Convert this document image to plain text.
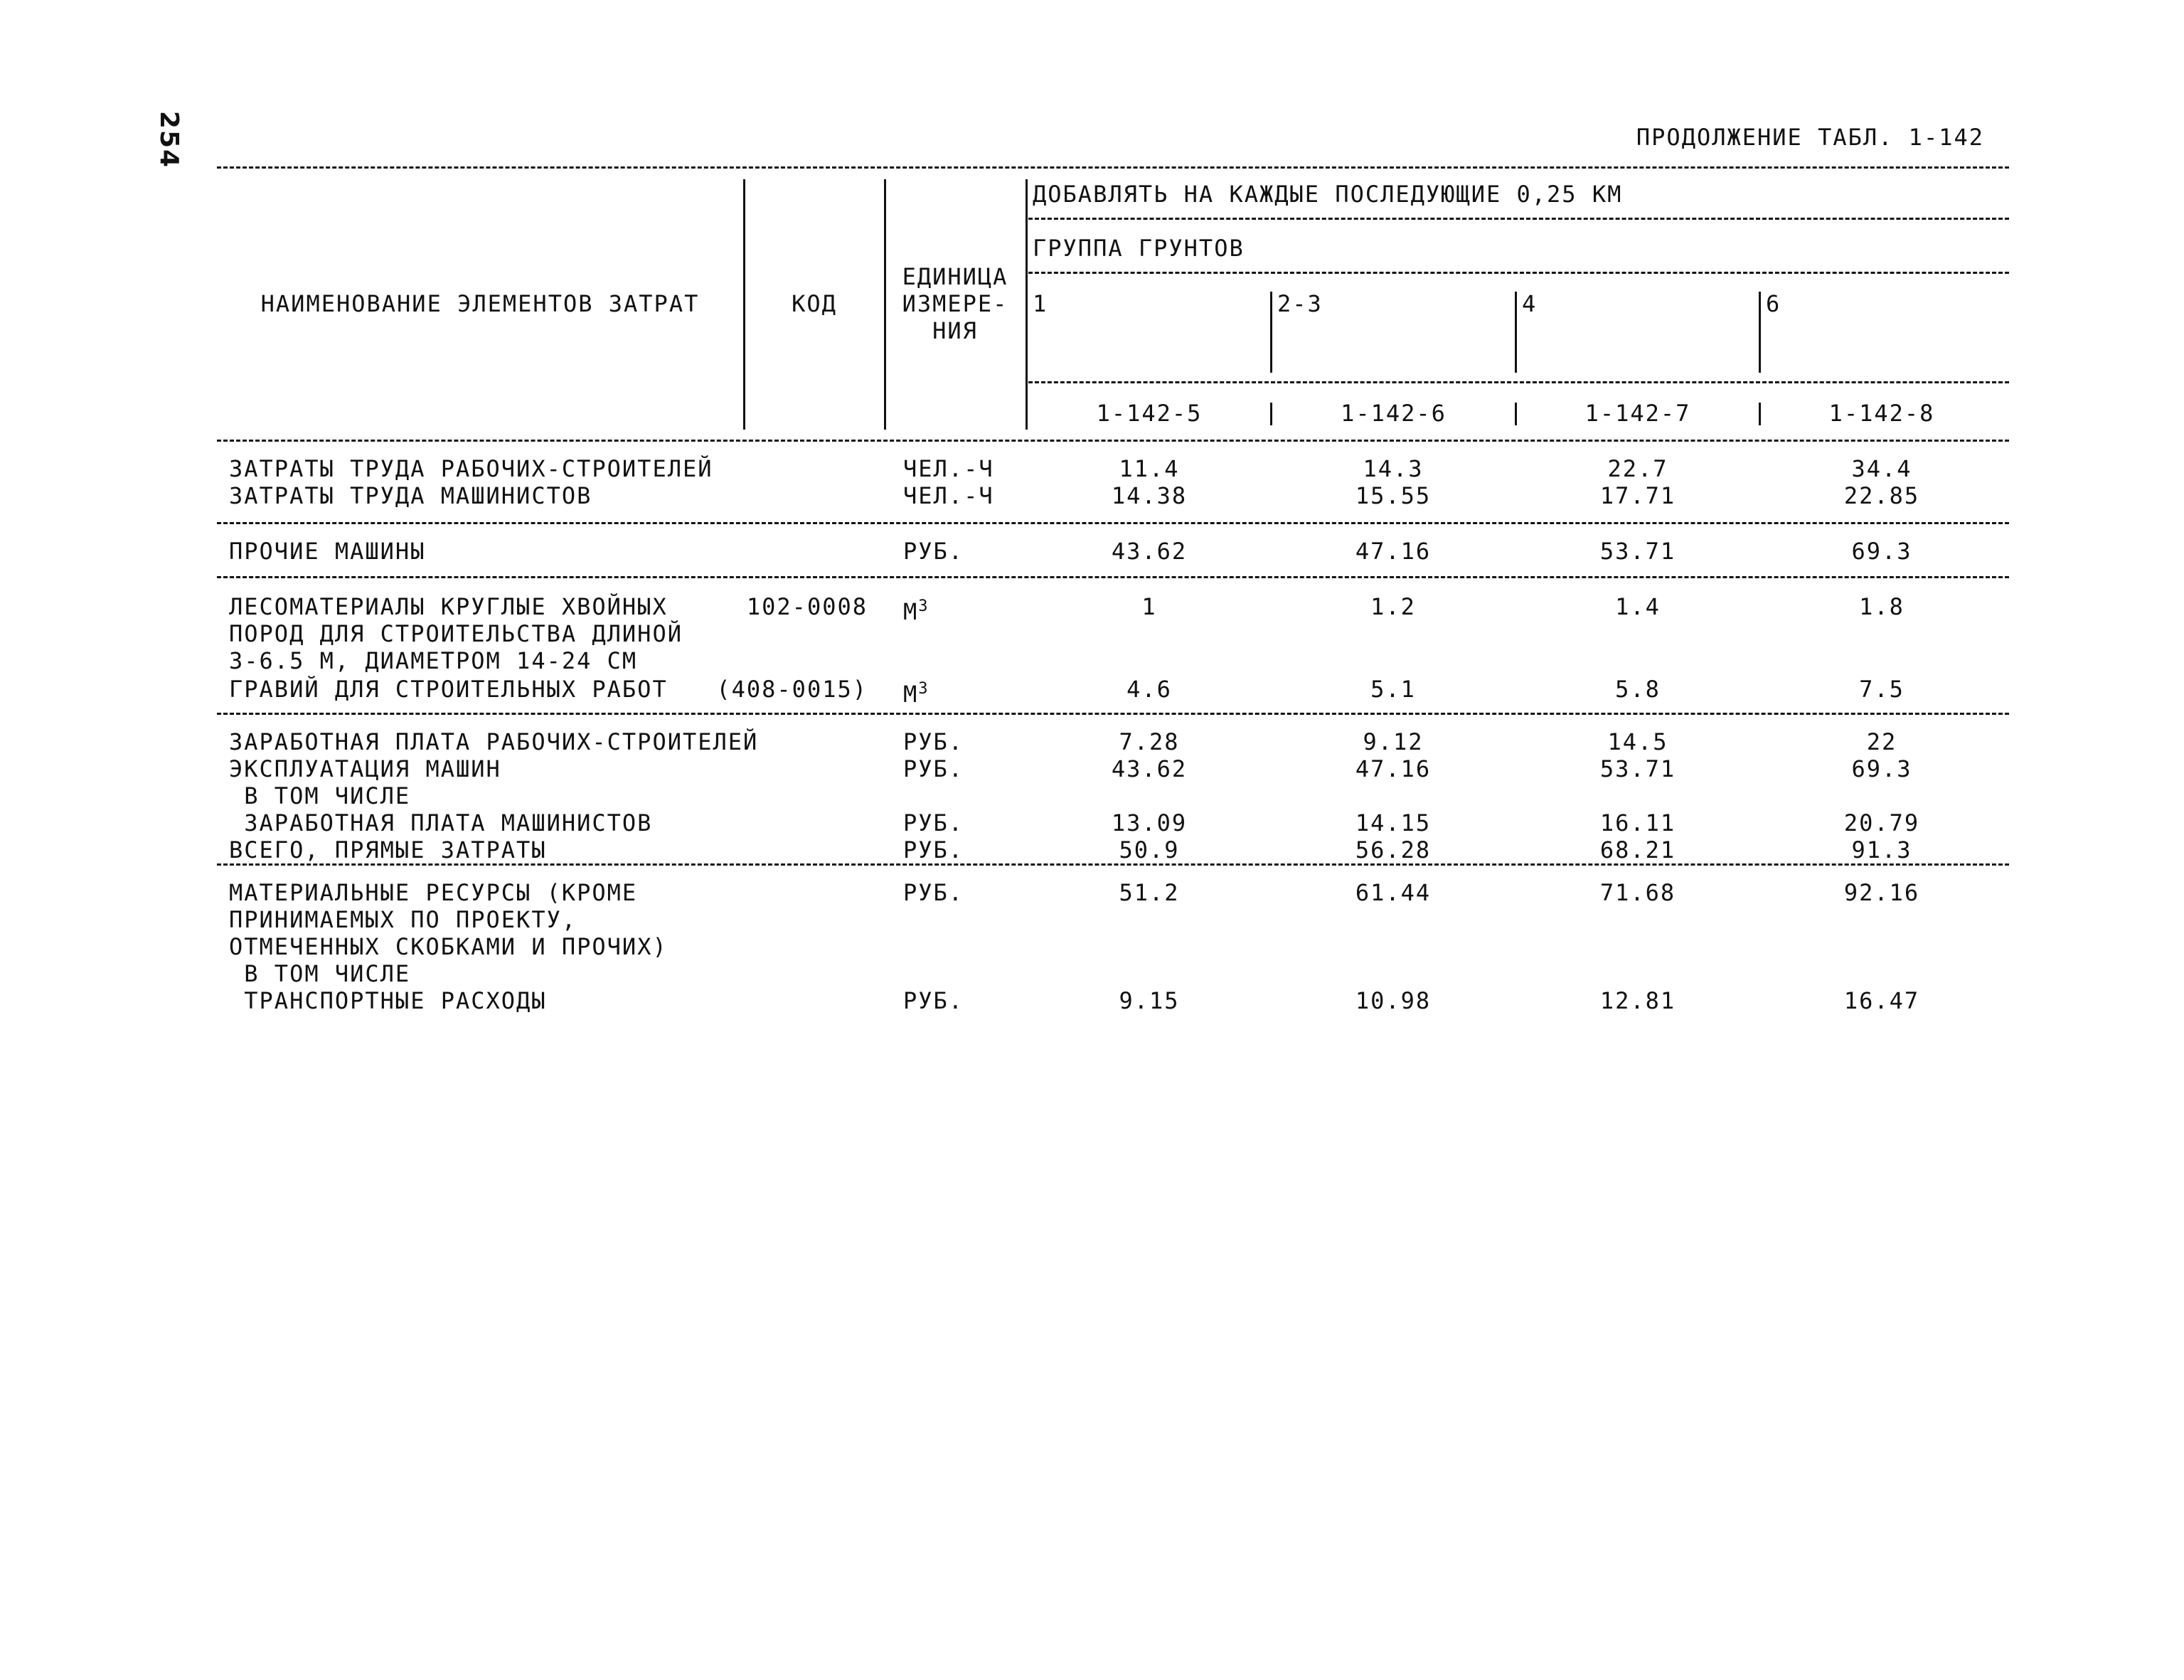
254	ПРОДОЛЖЕНИЕ ТАБЛ. 1-142
НАИМЕНОВАНИЕ ЭЛЕМЕНТОВ ЗАТРАТ	КОД
ЕДИНИЦА
ИЗМЕРЕ-
НИЯ
ДОБАВЛЯТЬ НА КАЖДЫЕ ПОСЛЕДУЮЩИЕ 0,25 КМ
ГРУППА ГРУНТОВ
1	2-3	4	6
1-142-5	1-142-6	1-142-7	1-142-8
ЗАТРАТЫ ТРУДА РАБОЧИХ-СТРОИТЕЛЕЙ	ЧЕЛ.-Ч	11.4	14.3	22.7	34.4
ЗАТРАТЫ ТРУДА МАШИНИСТОВ	ЧЕЛ.-Ч	14.38	15.55	17.71	22.85
ПРОЧИЕ МАШИНЫ	РУБ.	43.62	47.16	53.71	69.3
ЛЕСОМАТЕРИАЛЫ КРУГЛЫЕ ХВОЙНЫХ	102-0008 $М^3$	1	1.2	1.4	1.8
ПОРОД ДЛЯ СТРОИТЕЛЬСТВА ДЛИНОЙ
3-6.5 М, ДИАМЕТРОМ 14-24 СМ
ГРАВИЙ ДЛЯ СТРОИТЕЛЬНЫХ РАБОТ (408-0015) $М^3$	4.6	5.1	5.8	7.5
ЗАРАБОТНАЯ ПЛАТА РАБОЧИХ-СТРОИТЕЛЕЙ	РУБ.	7.28	9.12	14.5	22
ЭКСПЛУАТАЦИЯ МАШИН	РУБ.	43.62	47.16	53.71	69.3
В ТОМ ЧИСЛЕ
ЗАРАБОТНАЯ ПЛАТА МАШИНИСТОВ	РУБ.	13.09	14.15	16.11	20.79
ВСЕГО, ПРЯМЫЕ ЗАТРАТЫ	РУБ.	50.9	56.28	68.21	91.3
МАТЕРИАЛЬНЫЕ РЕСУРСЫ (КРОМЕ	РУБ.	51.2	61.44	71.68	92.16
ПРИНИМАЕМЫХ ПО ПРОЕКТУ,
ОТМЕЧЕННЫХ СКОБКАМИ И ПРОЧИХ)
В ТОМ ЧИСЛЕ
ТРАНСПОРТНЫЕ РАСХОДЫ	РУБ.	9.15	10.98	12.81	16.47
